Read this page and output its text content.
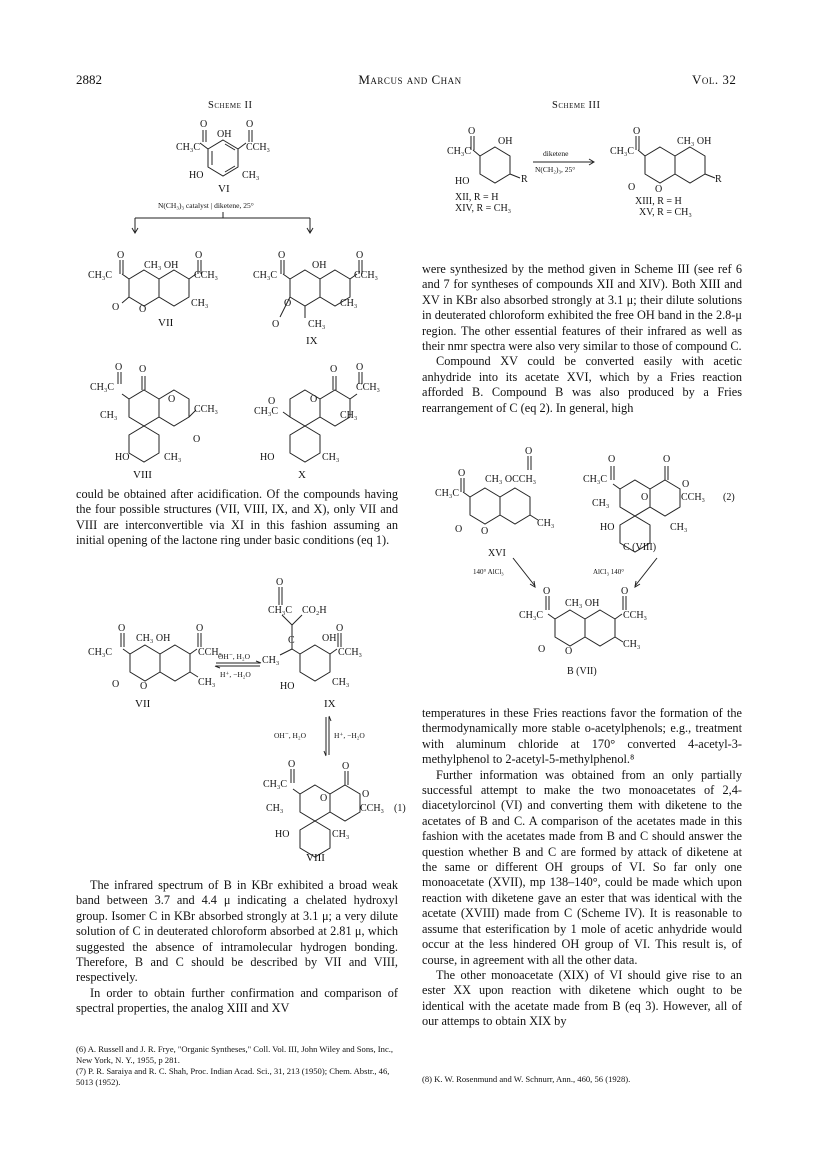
2882	Marcus and Chan	Vol. 32
Scheme II
O	O
CH₃C
OH
CCH₃
HO	CH₃
VI
N(CH₃)₃ catalyst | diketene, 25°
O	O
CH₃C
CH₃ OH
CCH₃
O O
CH₃
VII
O	O
CH₃C
OH
CCH₃
O	CH₃
O	CH₃
IX
O O
CH₃C
O
CCH₃
CH₃
HO	CH₃
O
VIII
O O
CCH₃
O
CH₃C	CH₃
HO	CH₃
O
X
Scheme III
O
CH₃C
OH
HO	R
XII, R = H
XIV, R = CH₃
diketene
N(CH₂)₃, 25°
O
CH₃C
CH₃ OH
O O
R
XIII, R = H
XV, R = CH₃

were synthesized by the method given in Scheme III (see ref 6 and 7 for syntheses of compounds XII and XIV). Both XIII and XV in KBr also absorbed strongly at 3.1 μ; their dilute solutions in deuterated chloroform exhibited the free OH band in the 2.8-μ region. The other essential features of their infrared as well as their nmr spectra were also very similar to those of compound C.

Compound XV could be converted easily with acetic anhydride into its acetate XVI, which by a Fries reaction afforded B. Compound B was also produced by a Fries rearrangement of C (eq 2). In general, high

O
O
CH₃C
CH₃ OCCH₃
O O
CH₃
XVI
O	O
CH₃C
O	CCH₃
CH₃
HO	CH₃
O
C (VIII)
(2)
140° AlCl₃	AlCl₃ 140°
O	O
CH₃C
CH₃ OH
CCH₃
O O
CH₃
B (VII)

could be obtained after acidification. Of the compounds having the four possible structures (VII, VIII, IX, and X), only VII and VIII are interconvertible via XI in this fashion assuming an initial opening of the lactone ring under basic conditions (eq 1).

O	O
CH₃C
CH₃ OH
CCH₃
O O	CH₃
VII
OH⁻, H₂O
H⁺, −H₂O
O
O
CH₃C CO₂H
CH₃
C	OH
CCH₃
HO	CH₃
IX
OH⁻, H₂O	H⁺, −H₂O
O	O
CH₃C
O
CH₃	CCH₃
HO	CH₃
O
VIII
(1)

temperatures in these Fries reactions favor the formation of the thermodynamically more stable o-acetylphenols; e.g., treatment with aluminum chloride at 170° converted 4-acetyl-3-methylphenol to 2-acetyl-5-methylphenol.⁸

Further information was obtained from an only partially successful attempt to make the two monoacetates of 2,4-diacetylorcinol (VI) and converting them with diketene to the acetates of B and C. A comparison of the acetates made in this fashion with the acetates made from B and C should answer the question whether B and C are formed by attack of diketene at the same or different OH groups of VI. So far only one monoacetate (XVII), mp 138–140°, could be made which upon reaction with diketene gave an ester that was identical with the acetate (XVIII) made from C (Scheme IV). It is reasonable to assume that esterification by 1 mole of acetic anhydride would occur at the less hindered OH group of VI. This result is, of course, in agreement with all the other data.

The other monoacetate (XIX) of VI should give rise to an ester XX upon reaction with diketene which ought to be identical with the acetate made from B (eq 3). However, all of our attemps to obtain XIX by

The infrared spectrum of B in KBr exhibited a broad weak band between 3.7 and 4.4 μ indicating a chelated hydroxyl group. Isomer C in KBr absorbed strongly at 3.1 μ; a very dilute solution of C in deuterated chloroform absorbed at 2.81 μ, which suggested the absence of intramolecular hydrogen bonding. Therefore, B and C should be described by VII and VIII, respectively.

In order to obtain further confirmation and comparison of spectral properties, the analog XIII and XV

(6) A. Russell and J. R. Frye, "Organic Syntheses," Coll. Vol. III, John Wiley and Sons, Inc., New York, N. Y., 1955, p 281.

(7) P. R. Saraiya and R. C. Shah, Proc. Indian Acad. Sci., 31, 213 (1950); Chem. Abstr., 46, 5013 (1952).	(8) K. W. Rosenmund and W. Schnurr, Ann., 460, 56 (1928).
